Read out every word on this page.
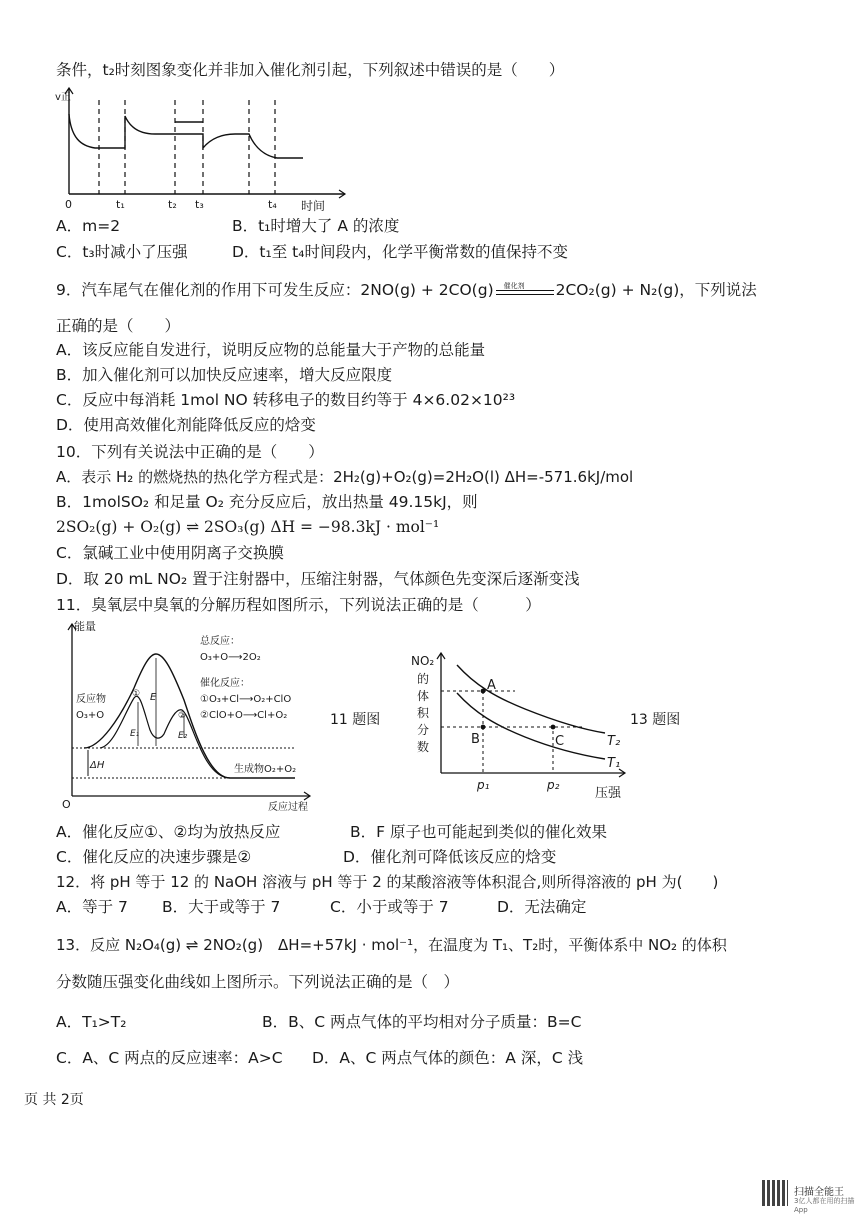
条件，t₂时刻图象变化并非加入催化剂引起，下列叙述中错误的是（　　）
v正
0	时间
t₁	t₂ t₃	t₄
A．m=2	B．t₁时增大了 A 的浓度
C．t₃时减小了压强	D．t₁至 t₄时间段内，化学平衡常数的值保持不变
9．汽车尾气在催化剂的作用下可发生反应：2NO(g) + 2CO(g) 催化剂 2CO₂(g) + N₂(g)，下列说法
正确的是（　　）
A．该反应能自发进行，说明反应物的总能量大于产物的总能量
B．加入催化剂可以加快反应速率，增大反应限度
C．反应中每消耗 1mol NO 转移电子的数目约等于 4×6.02×10²³
D．使用高效催化剂能降低反应的焓变
10．下列有关说法中正确的是（　　）
A．表示 H₂ 的燃烧热的热化学方程式是：2H₂(g)+O₂(g)=2H₂O(l) ΔH=-571.6kJ/mol
B．1molSO₂ 和足量 O₂ 充分反应后，放出热量 49.15kJ，则
2SO₂(g) + O₂(g) ⇌ 2SO₃(g) ΔH = −98.3kJ · mol⁻¹
C．氯碱工业中使用阴离子交换膜
D．取 20 mL NO₂ 置于注射器中，压缩注射器，气体颜色先变深后逐渐变浅
11．臭氧层中臭氧的分解历程如图所示，下列说法正确的是（　　　）
能量
O	反应过程
ΔH
E
E₁	E₂
①
②
反应物
O₃+O
生成物O₂+O₂
总反应：
O₃+O⟶2O₂
催化反应：
①O₃+Cl⟶O₂+ClO
②ClO+O⟶Cl+O₂	11 题图
NO₂
的
体
积
分
数
A
B	C	T₂
T₁
p₁	p₂
压强
13 题图
A．催化反应①、②均为放热反应	B．F 原子也可能起到类似的催化效果
C．催化反应的决速步骤是②	D．催化剂可降低该反应的焓变
12．将 pH 等于 12 的 NaOH 溶液与 pH 等于 2 的某酸溶液等体积混合,则所得溶液的 pH 为(　　)
A．等于 7 B．大于或等于 7	C．小于或等于 7	D．无法确定
13．反应 N₂O₄(g) ⇌ 2NO₂(g)　ΔH=+57kJ · mol⁻¹，在温度为 T₁、T₂时，平衡体系中 NO₂ 的体积
分数随压强变化曲线如上图所示。下列说法正确的是（　）
A．T₁>T₂	B．B、C 两点气体的平均相对分子质量：B=C
C．A、C 两点的反应速率：A>C D．A、C 两点气体的颜色：A 深，C 浅
页 共 2页
扫描全能王
3亿人都在用的扫描App
